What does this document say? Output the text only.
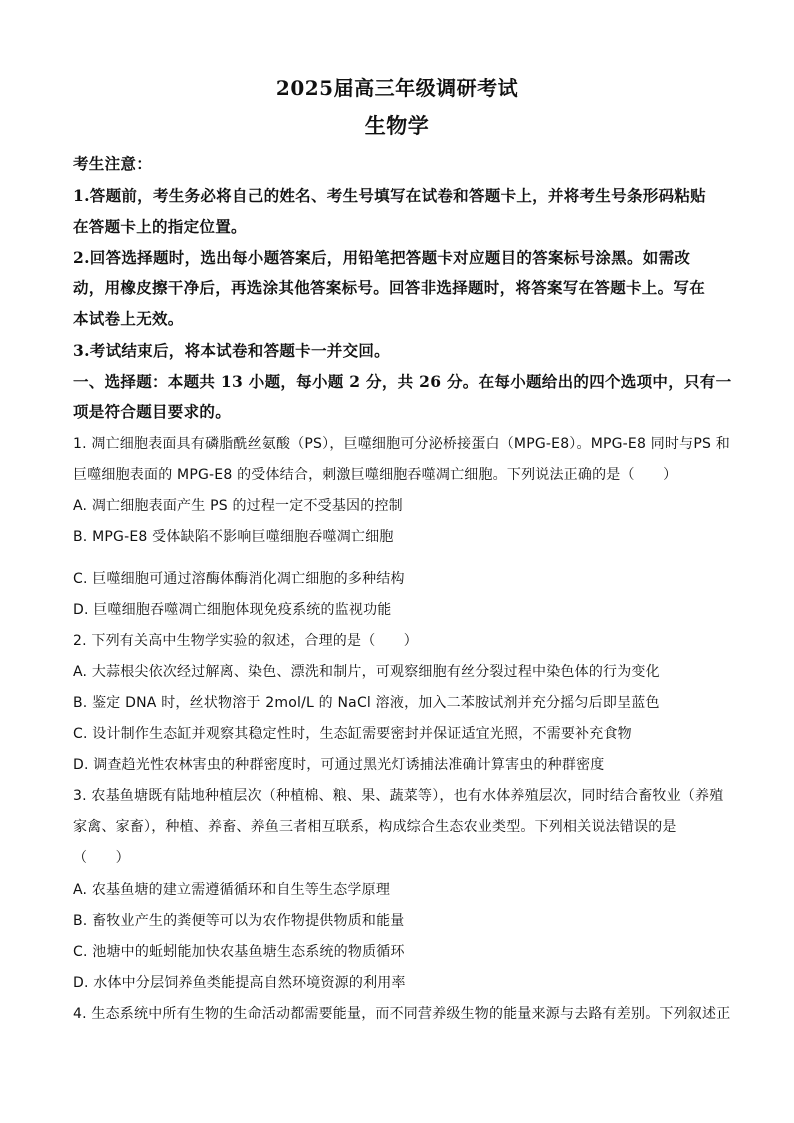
2025届高三年级调研考试
生物学
考生注意：
1.答题前，考生务必将自己的姓名、考生号填写在试卷和答题卡上，并将考生号条形码粘贴
在答题卡上的指定位置。
2.回答选择题时，选出每小题答案后，用铅笔把答题卡对应题目的答案标号涂黑。如需改
动，用橡皮擦干净后，再选涂其他答案标号。回答非选择题时，将答案写在答题卡上。写在
本试卷上无效。
3.考试结束后，将本试卷和答题卡一并交回。
一、选择题：本题共 13 小题，每小题 2 分，共 26 分。在每小题给出的四个选项中，只有一
项是符合题目要求的。
1. 凋亡细胞表面具有磷脂酰丝氨酸（PS），巨噬细胞可分泌桥接蛋白（MPG-E8）。MPG-E8 同时与PS 和
巨噬细胞表面的 MPG-E8 的受体结合，刺激巨噬细胞吞噬凋亡细胞。下列说法正确的是（　　）
A. 凋亡细胞表面产生 PS 的过程一定不受基因的控制
B. MPG-E8 受体缺陷不影响巨噬细胞吞噬凋亡细胞
C. 巨噬细胞可通过溶酶体酶消化凋亡细胞的多种结构
D. 巨噬细胞吞噬凋亡细胞体现免疫系统的监视功能
2. 下列有关高中生物学实验的叙述，合理的是（　　）
A. 大蒜根尖依次经过解离、染色、漂洗和制片，可观察细胞有丝分裂过程中染色体的行为变化
B. 鉴定 DNA 时，丝状物溶于 2mol/L 的 NaCl 溶液，加入二苯胺试剂并充分摇匀后即呈蓝色
C. 设计制作生态缸并观察其稳定性时，生态缸需要密封并保证适宜光照，不需要补充食物
D. 调查趋光性农林害虫的种群密度时，可通过黑光灯诱捕法准确计算害虫的种群密度
3. 农基鱼塘既有陆地种植层次（种植棉、粮、果、蔬菜等），也有水体养殖层次，同时结合畜牧业（养殖
家禽、家畜），种植、养畜、养鱼三者相互联系，构成综合生态农业类型。下列相关说法错误的是
（　　）
A. 农基鱼塘的建立需遵循循环和自生等生态学原理
B. 畜牧业产生的粪便等可以为农作物提供物质和能量
C. 池塘中的蚯蚓能加快农基鱼塘生态系统的物质循环
D. 水体中分层饲养鱼类能提高自然环境资源的利用率
4. 生态系统中所有生物的生命活动都需要能量，而不同营养级生物的能量来源与去路有差别。下列叙述正
